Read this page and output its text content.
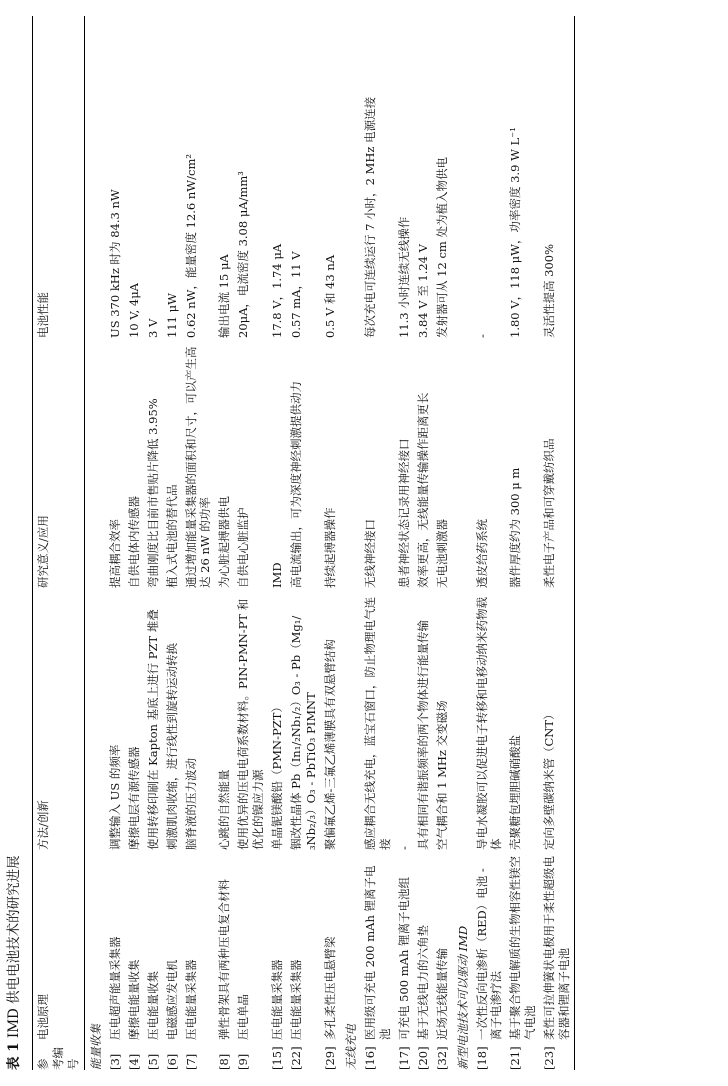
表 1 IMD 供电电池技术的研究进展
参 考编号	电池原理	方法/创新	研究意义/应用	电池性能
能量收集				
[3]	压电超声能量采集器	调整输入 US 的频率	提高耦合效率	US 370 kHz 时为 84.3 nW
[4]	摩擦电能量收集	摩擦电层有源传感器	自供电体内传感器	10 V, 4μA
[5]	压电能量收集	使用转移印刷在 Kapton 基底上进行 PZT 堆叠	弯曲刚度比目前市售贴片降低 3.95%	3 V
[6]	电磁感应发电机	刺激肌肉收缩，进行线性到旋转运动转换	植入式电池的替代品	111 μW
[7]	压电能量采集器	脑脊液的压力波动	通过增加能量采集器的面积和尺寸，可以产生高达 26 nW 的功率	0.62 nW，能量密度 12.6 nW/cm²
[8]	弹性骨架具有两种压电复合材料	心跳的自然能量	为心脏起搏器供电	输出电流 15 μA
[9]	压电单晶	使用优异的压电电荷系数材料。PIN-PMN-PT 和优化的镍应力源	自供电心脏监护	20μA，电流密度 3.08 μA/mm³
[15]	压电能量采集器	单晶铌镁酸铅（PMN-PZT）	IMD	17.8 V，1.74 μA
[22]	压电能量采集器	铟改性晶体 Pb（In₁/₂Nb₁/₂）O₃ - Pb（Mg₁/₃Nb₂/₃）O₃ - PbTiO₃ PIMNT	高电流输出，可为深度神经刺激提供动力	0.57 mA，11 V
[29]	多孔柔性压电悬臂梁	聚偏氟乙烯-三氟乙烯薄膜具有双悬臂结构	持续起搏器操作	0.5 V 和 43 nA
无线充电				
[16]	医用级可充电 200 mAh 锂离子电池	感应耦合无线充电，蓝宝石窗口，防止物理电气连接	无线神经接口	每次充电可连续运行 7 小时，2 MHz 电源连接
[17]	可充电 500 mAh 锂离子电池组	-	患者神经状态记录用神经接口	11.3 小时连续无线操作
[20]	基于无线电力的六角垫	具有相同有谐振频率的两个物体进行能量传输	效率更高，无线能量传输操作距离更长	3.84 V 至 1.24 V
[32]	近场无线能量传输	空气耦合和 1 MHz 交变磁场	无电池刺激器	发射器可从 12 cm 处为植入物供电
新型电池技术可以驱动 IMD				
[18]	一次性反向电渗析（RED）电池 - 离子电渗疗法	导电水凝胶可以促进电子转移和电移动纳米药物载体	透皮给药系统	-
[21]	基于聚合物电解质的生物相容性镁空气电池	壳聚糖包埋胆碱硝酸盐	器件厚度约为 300 μ m	1.80 V，118 μW，功率密度 3.9 W L⁻¹
[23]	柔性可拉伸簧状电极用于柔性超级电容器和锂离子电池	定向多壁碳纳米管（CNT）	柔性电子产品和可穿戴纺织品	灵活性提高 300%
